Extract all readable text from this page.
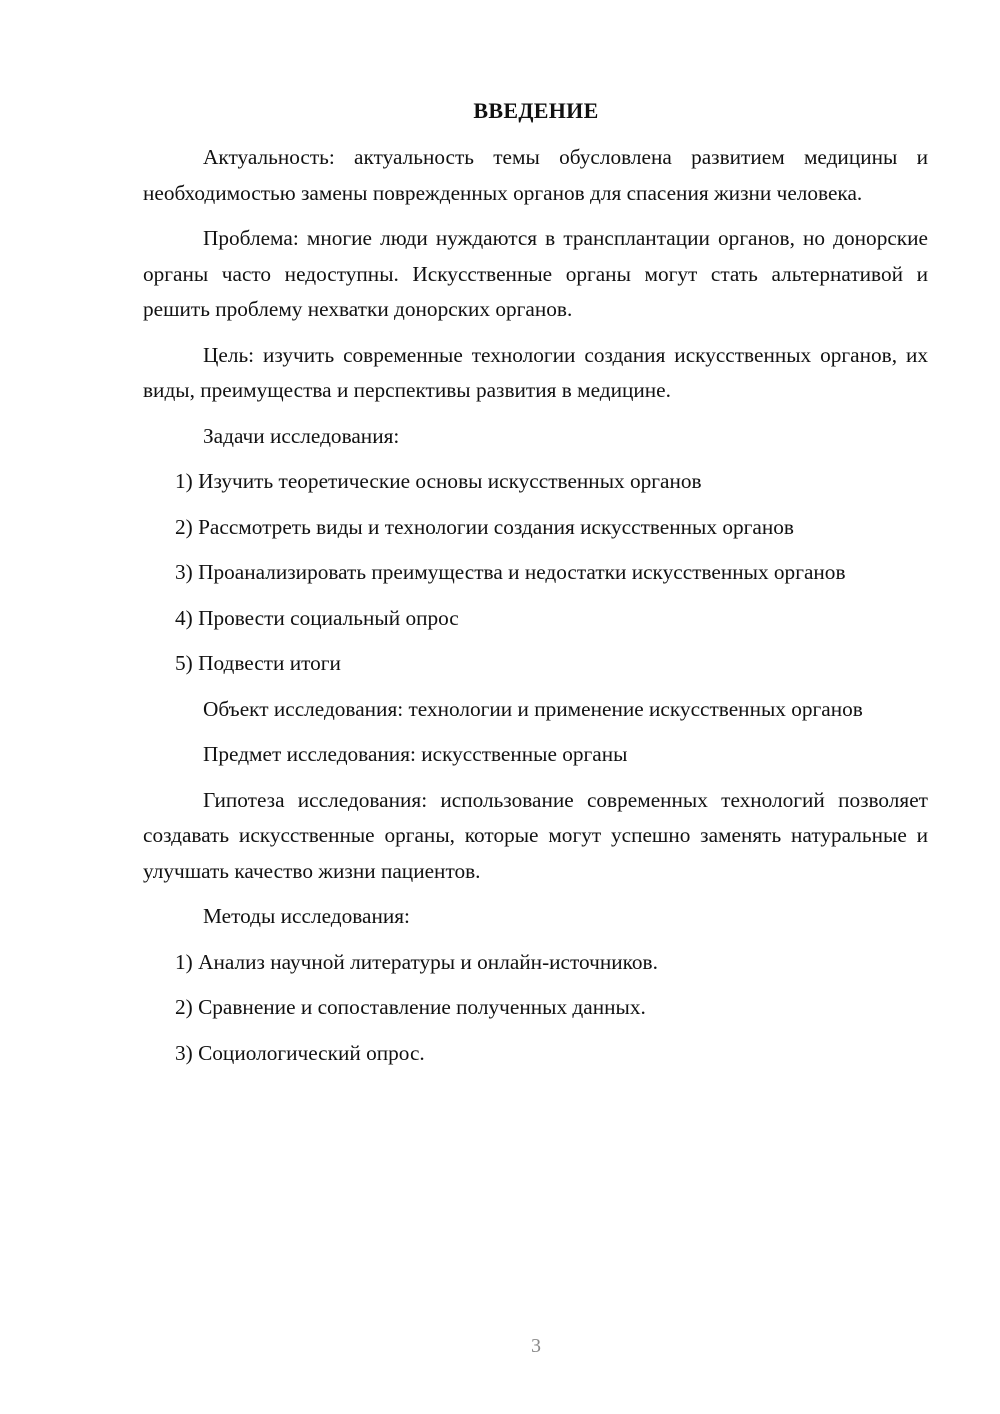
ВВЕДЕНИЕ

Актуальность: актуальность темы обусловлена развитием медицины и необходимостью замены поврежденных органов для спасения жизни человека.

Проблема: многие люди нуждаются в трансплантации органов, но донорские органы часто недоступны. Искусственные органы могут стать альтернативой и решить проблему нехватки донорских органов.

Цель: изучить современные технологии создания искусственных органов, их виды, преимущества и перспективы развития в медицине.

Задачи исследования:

1) Изучить теоретические основы искусственных органов

2) Рассмотреть виды и технологии создания искусственных органов

3) Проанализировать преимущества и недостатки искусственных органов

4) Провести социальный опрос

5) Подвести итоги

Объект исследования: технологии и применение искусственных органов

Предмет исследования: искусственные органы

Гипотеза исследования: использование современных технологий позволяет создавать искусственные органы, которые могут успешно заменять натуральные и улучшать качество жизни пациентов.

Методы исследования:

1) Анализ научной литературы и онлайн-источников.

2) Сравнение и сопоставление полученных данных.

3) Социологический опрос.

3
